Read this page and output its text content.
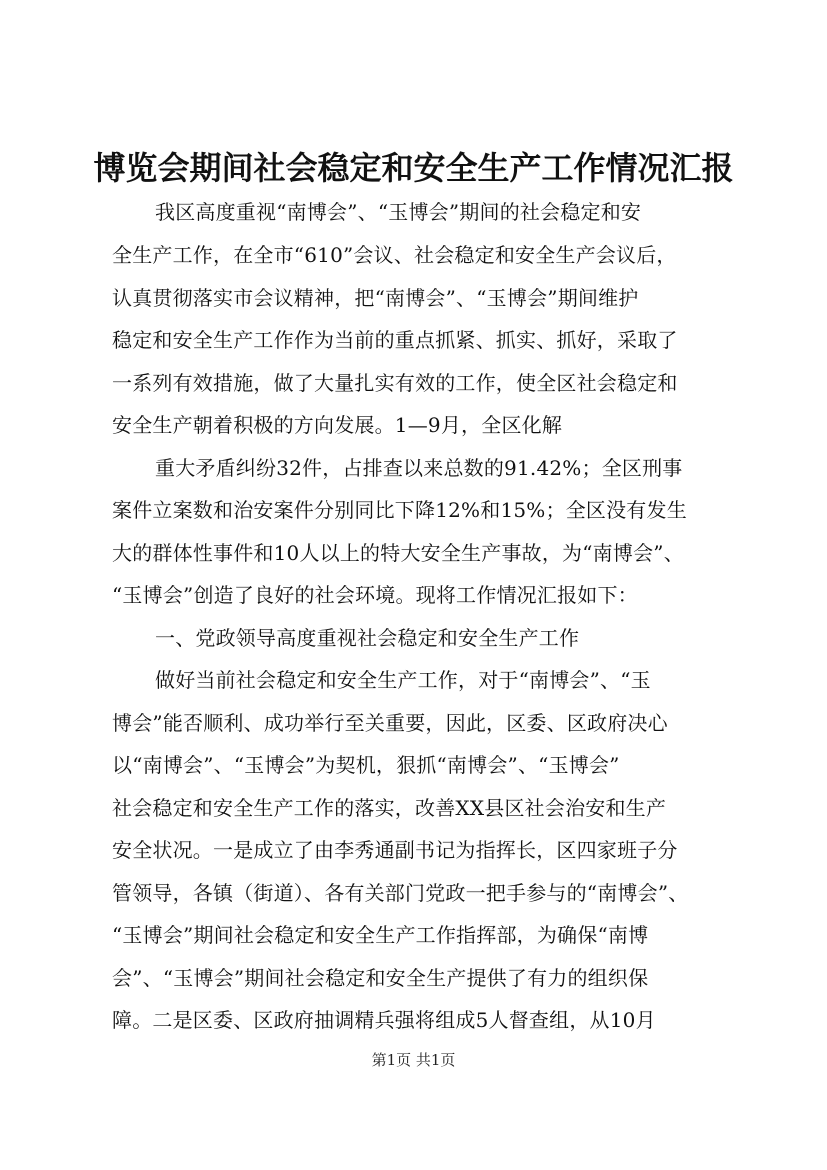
博览会期间社会稳定和安全生产工作情况汇报
我区高度重视“南博会”、“玉博会”期间的社会稳定和安
全生产工作，在全市“610”会议、社会稳定和安全生产会议后，
认真贯彻落实市会议精神，把“南博会”、“玉博会”期间维护
稳定和安全生产工作作为当前的重点抓紧、抓实、抓好，采取了
一系列有效措施，做了大量扎实有效的工作，使全区社会稳定和
安全生产朝着积极的方向发展。1—9月，全区化解
重大矛盾纠纷32件，占排查以来总数的91.42%；全区刑事
案件立案数和治安案件分别同比下降12%和15%；全区没有发生
大的群体性事件和10人以上的特大安全生产事故，为“南博会”、
“玉博会”创造了良好的社会环境。现将工作情况汇报如下：
一、党政领导高度重视社会稳定和安全生产工作
做好当前社会稳定和安全生产工作，对于“南博会”、“玉
博会”能否顺利、成功举行至关重要，因此，区委、区政府决心
以“南博会”、“玉博会”为契机，狠抓“南博会”、“玉博会”
社会稳定和安全生产工作的落实，改善XX县区社会治安和生产
安全状况。一是成立了由李秀通副书记为指挥长，区四家班子分
管领导，各镇（街道）、各有关部门党政一把手参与的“南博会”、
“玉博会”期间社会稳定和安全生产工作指挥部，为确保“南博
会”、“玉博会”期间社会稳定和安全生产提供了有力的组织保
障。二是区委、区政府抽调精兵强将组成5人督查组，从10月
第1页 共1页
